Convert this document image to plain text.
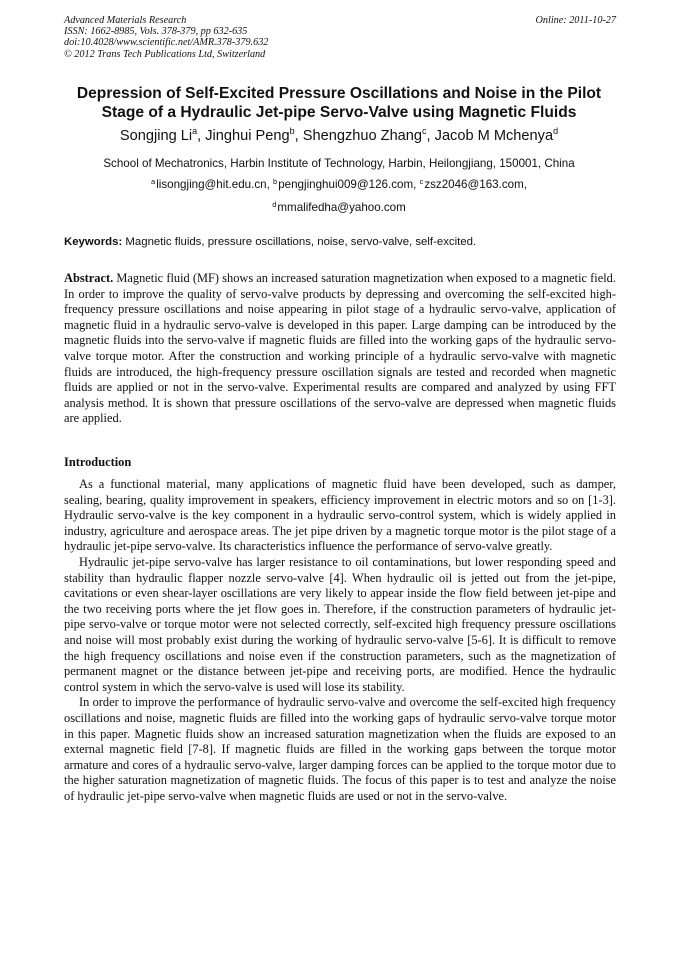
Advanced Materials Research
ISSN: 1662-8985, Vols. 378-379, pp 632-635
doi:10.4028/www.scientific.net/AMR.378-379.632
© 2012 Trans Tech Publications Ltd, Switzerland
Online: 2011-10-27
Depression of Self-Excited Pressure Oscillations and Noise in the Pilot
Stage of a Hydraulic Jet-pipe Servo-Valve using Magnetic Fluids
Songjing Li$^a$, Jinghui Peng$^b$, Shengzhuo Zhang$^c$, Jacob M Mchenya$^d$
School of Mechatronics, Harbin Institute of Technology, Harbin, Heilongjiang, 150001, China
$^a$lisongjing@hit.edu.cn, $^b$pengjinghui009@126.com, $^c$zsz2046@163.com,
$^d$mmalifedha@yahoo.com
Keywords: Magnetic fluids, pressure oscillations, noise, servo-valve, self-excited.
Abstract. Magnetic fluid (MF) shows an increased saturation magnetization when exposed to a magnetic field. In order to improve the quality of servo-valve products by depressing and overcoming the self-excited high-frequency pressure oscillations and noise appearing in pilot stage of a hydraulic servo-valve, application of magnetic fluid in a hydraulic servo-valve is developed in this paper. Large damping can be introduced by the magnetic fluids into the servo-valve if magnetic fluids are filled into the working gaps of the hydraulic servo-valve torque motor. After the construction and working principle of a hydraulic servo-valve with magnetic fluids are introduced, the high-frequency pressure oscillation signals are tested and recorded when magnetic fluids are applied or not in the servo-valve. Experimental results are compared and analyzed by using FFT analysis method. It is shown that pressure oscillations of the servo-valve are depressed when magnetic fluids are applied.
Introduction

As a functional material, many applications of magnetic fluid have been developed, such as damper, sealing, bearing, quality improvement in speakers, efficiency improvement in electric motors and so on [1-3]. Hydraulic servo-valve is the key component in a hydraulic servo-control system, which is widely applied in industry, agriculture and aerospace areas. The jet pipe driven by a magnetic torque motor is the pilot stage of a hydraulic jet-pipe servo-valve. Its characteristics influence the performance of servo-valve greatly.

Hydraulic jet-pipe servo-valve has larger resistance to oil contaminations, but lower responding speed and stability than hydraulic flapper nozzle servo-valve [4]. When hydraulic oil is jetted out from the jet-pipe, cavitations or even shear-layer oscillations are very likely to appear inside the flow field between jet-pipe and the two receiving ports where the jet flow goes in. Therefore, if the construction parameters of hydraulic jet-pipe servo-valve or torque motor were not selected correctly, self-excited high frequency pressure oscillations and noise will most probably exist during the working of hydraulic servo-valve [5-6]. It is difficult to remove the high frequency oscillations and noise even if the construction parameters, such as the magnetization of permanent magnet or the distance between jet-pipe and receiving ports, are modified. Hence the hydraulic control system in which the servo-valve is used will lose its stability.

In order to improve the performance of hydraulic servo-valve and overcome the self-excited high frequency oscillations and noise, magnetic fluids are filled into the working gaps of hydraulic servo-valve torque motor in this paper. Magnetic fluids show an increased saturation magnetization when the fluids are exposed to an external magnetic field [7-8]. If magnetic fluids are filled in the working gaps between the torque motor armature and cores of a hydraulic servo-valve, larger damping forces can be applied to the torque motor due to the higher saturation magnetization of magnetic fluids. The focus of this paper is to test and analyze the noise of hydraulic jet-pipe servo-valve when magnetic fluids are used or not in the servo-valve.
